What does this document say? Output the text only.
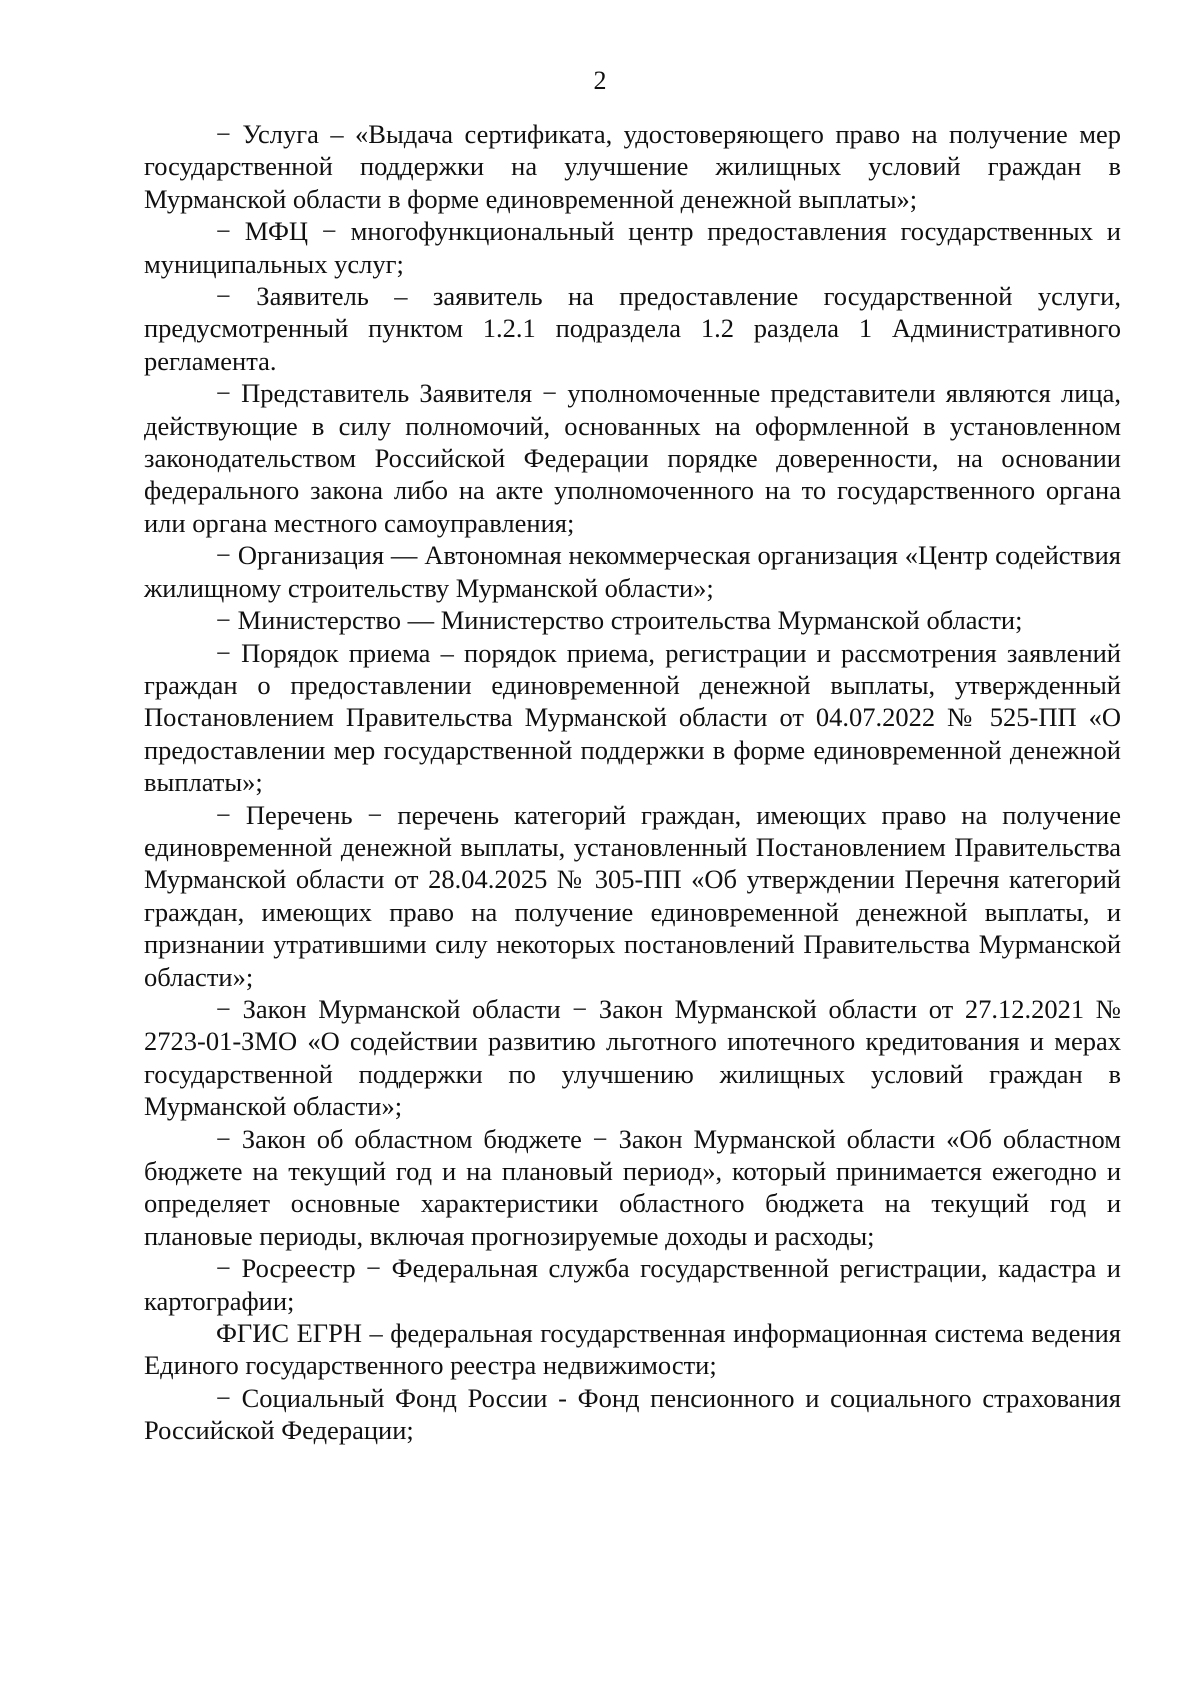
2

− Услуга – «Выдача сертификата, удостоверяющего право на получение мер государственной поддержки на улучшение жилищных условий граждан в Мурманской области в форме единовременной денежной выплаты»;

− МФЦ − многофункциональный центр предоставления государственных и муниципальных услуг;

− Заявитель – заявитель на предоставление государственной услуги, предусмотренный пунктом 1.2.1 подраздела 1.2 раздела 1 Административного регламента.

− Представитель Заявителя − уполномоченные представители являются лица, действующие в силу полномочий, основанных на оформленной в установленном законодательством Российской Федерации порядке доверенности, на основании федерального закона либо на акте уполномоченного на то государственного органа или органа местного самоуправления;

− Организация — Автономная некоммерческая организация «Центр содействия жилищному строительству Мурманской области»;

− Министерство — Министерство строительства Мурманской области;

− Порядок приема – порядок приема, регистрации и рассмотрения заявлений граждан о предоставлении единовременной денежной выплаты, утвержденный Постановлением Правительства Мурманской области от 04.07.2022 № 525-ПП «О предоставлении мер государственной поддержки в форме единовременной денежной выплаты»;

− Перечень − перечень категорий граждан, имеющих право на получение единовременной денежной выплаты, установленный Постановлением Правительства Мурманской области от 28.04.2025 № 305-ПП «Об утверждении Перечня категорий граждан, имеющих право на получение единовременной денежной выплаты, и признании утратившими силу некоторых постановлений Правительства Мурманской области»;

− Закон Мурманской области − Закон Мурманской области от 27.12.2021 № 2723-01-ЗМО «О содействии развитию льготного ипотечного кредитования и мерах государственной поддержки по улучшению жилищных условий граждан в Мурманской области»;

− Закон об областном бюджете − Закон Мурманской области «Об областном бюджете на текущий год и на плановый период», который принимается ежегодно и определяет основные характеристики областного бюджета на текущий год и плановые периоды, включая прогнозируемые доходы и расходы;

− Росреестр − Федеральная служба государственной регистрации, кадастра и картографии;

ФГИС ЕГРН – федеральная государственная информационная система ведения Единого государственного реестра недвижимости;

− Социальный Фонд России - Фонд пенсионного и социального страхования Российской Федерации;
